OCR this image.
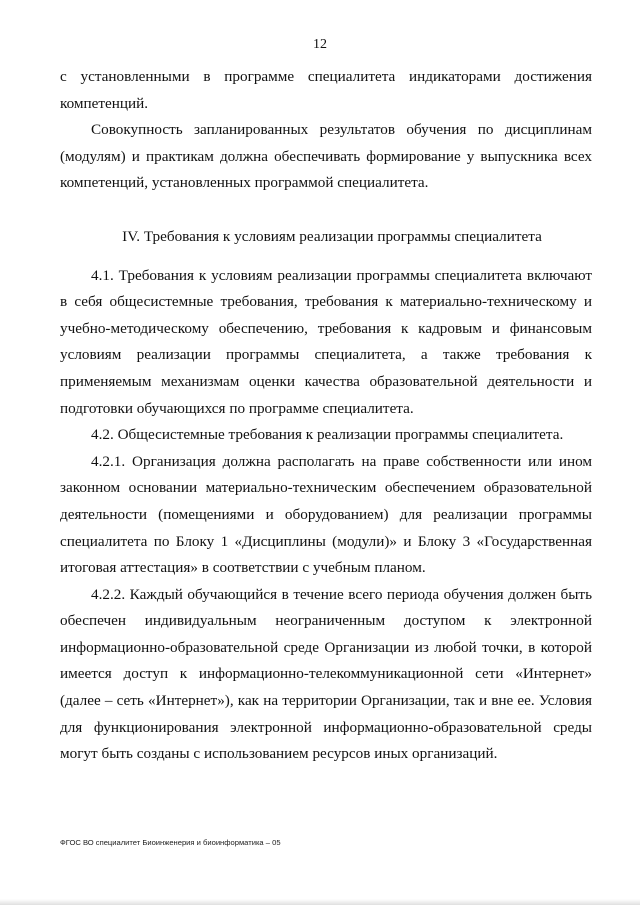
12

с установленными в программе специалитета индикаторами достижения компетенций.

Совокупность запланированных результатов обучения по дисциплинам (модулям) и практикам должна обеспечивать формирование у выпускника всех компетенций, установленных программой специалитета.

IV. Требования к условиям реализации программы специалитета

4.1. Требования к условиям реализации программы специалитета включают в себя общесистемные требования, требования к материально-техническому и учебно-методическому обеспечению, требования к кадровым и финансовым условиям реализации программы специалитета, а также требования к применяемым механизмам оценки качества образовательной деятельности и подготовки обучающихся по программе специалитета.

4.2. Общесистемные требования к реализации программы специалитета.

4.2.1. Организация должна располагать на праве собственности или ином законном основании материально-техническим обеспечением образовательной деятельности (помещениями и оборудованием) для реализации программы специалитета по Блоку 1 «Дисциплины (модули)» и Блоку 3 «Государственная итоговая аттестация» в соответствии с учебным планом.

4.2.2. Каждый обучающийся в течение всего периода обучения должен быть обеспечен индивидуальным неограниченным доступом к электронной информационно-образовательной среде Организации из любой точки, в которой имеется доступ к информационно-телекоммуникационной сети «Интернет» (далее – сеть «Интернет»), как на территории Организации, так и вне ее. Условия для функционирования электронной информационно-образовательной среды могут быть созданы с использованием ресурсов иных организаций.

ФГОС ВО специалитет Биоинженерия и биоинформатика – 05
